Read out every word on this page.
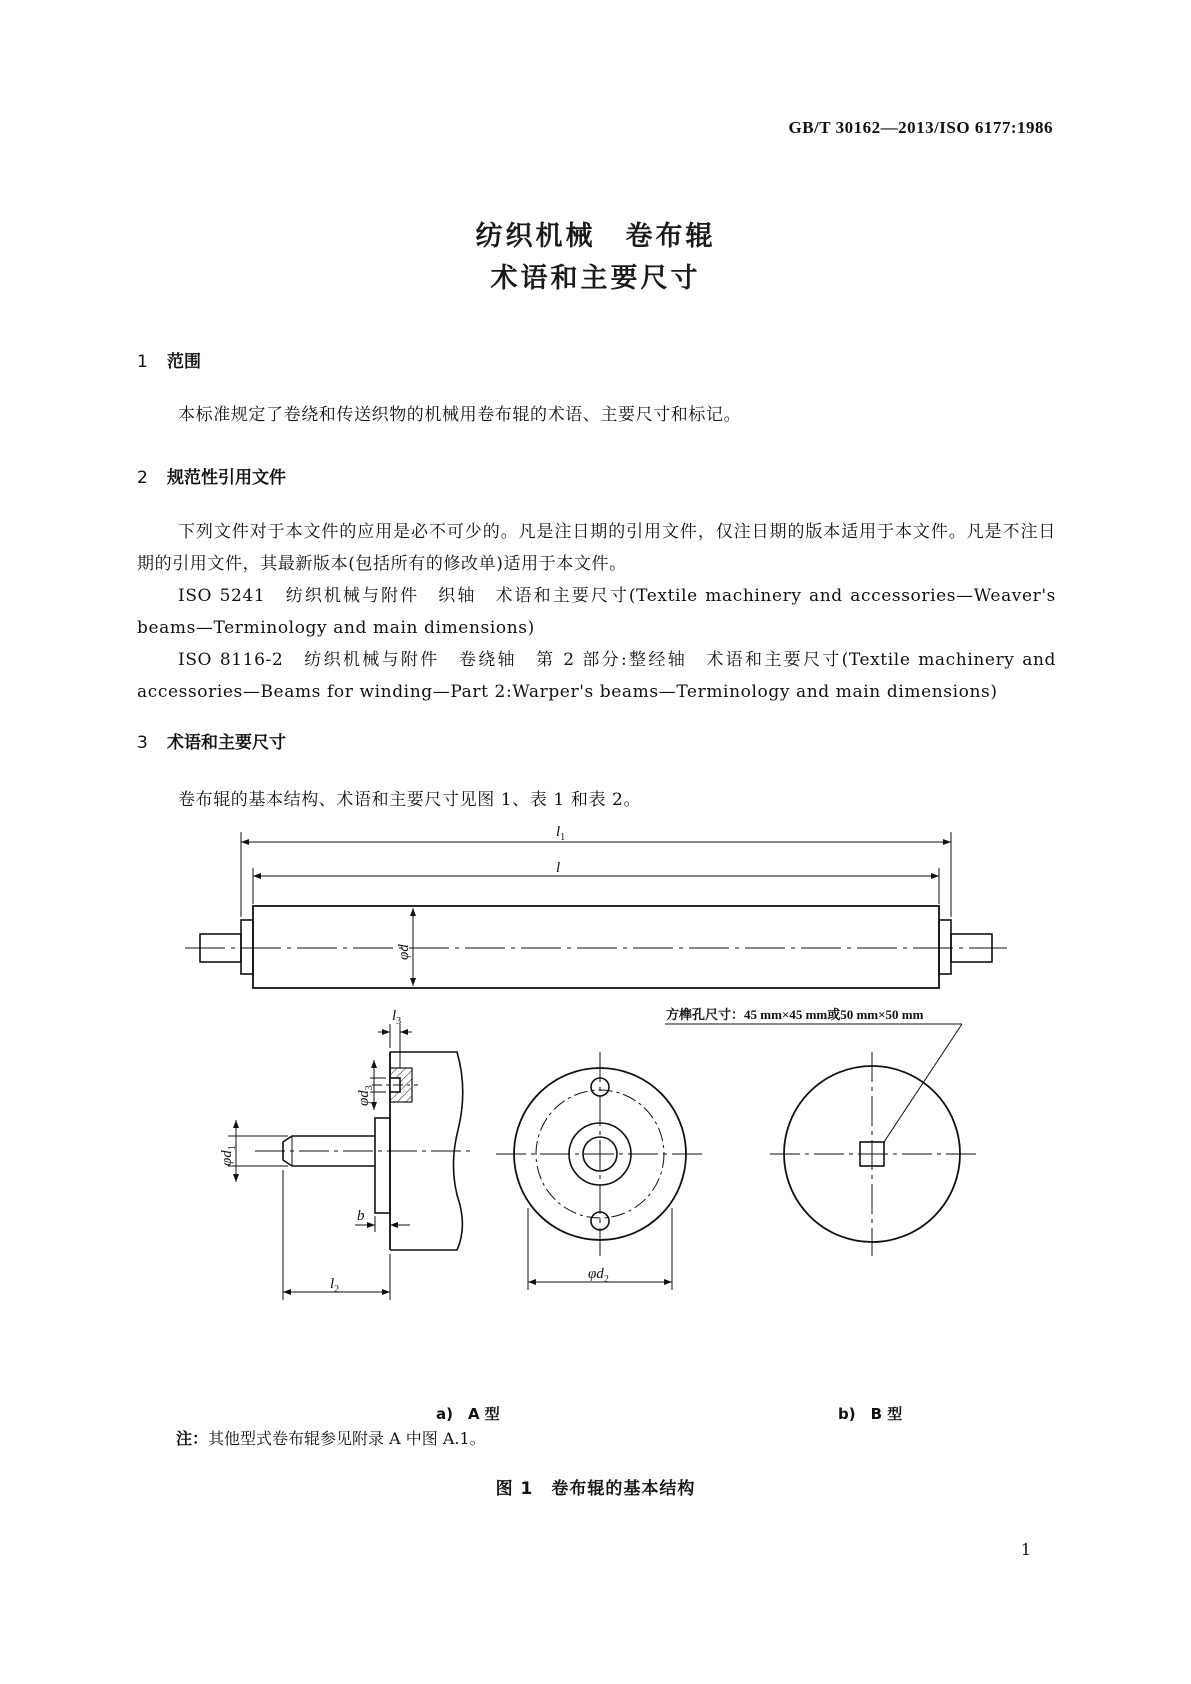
GB/T 30162—2013/ISO 6177:1986
纺织机械　卷布辊
术语和主要尺寸
1 范围

本标准规定了卷绕和传送织物的机械用卷布辊的术语、主要尺寸和标记。

2 规范性引用文件

下列文件对于本文件的应用是必不可少的。凡是注日期的引用文件，仅注日期的版本适用于本文件。凡是不注日期的引用文件，其最新版本(包括所有的修改单)适用于本文件。

ISO 5241　纺织机械与附件　织轴　术语和主要尺寸(Textile machinery and accessories—Weaver's beams—Terminology and main dimensions)

ISO 8116-2　纺织机械与附件　卷绕轴　第 2 部分:整经轴　术语和主要尺寸(Textile machinery and accessories—Beams for winding—Part 2:Warper's beams—Terminology and main dimensions)

3 术语和主要尺寸

卷布辊的基本结构、术语和主要尺寸见图 1、表 1 和表 2。

$l_1$
l
φd
$\varphi d_3$
$l_3$
$\varphi d_1$
b
$l_2$
$\varphi d_2$
方榫孔尺寸：45 mm×45 mm或50 mm×50 mm
a)　A 型	b)　B 型
注：其他型式卷布辊参见附录 A 中图 A.1。
图 1　卷布辊的基本结构
1
